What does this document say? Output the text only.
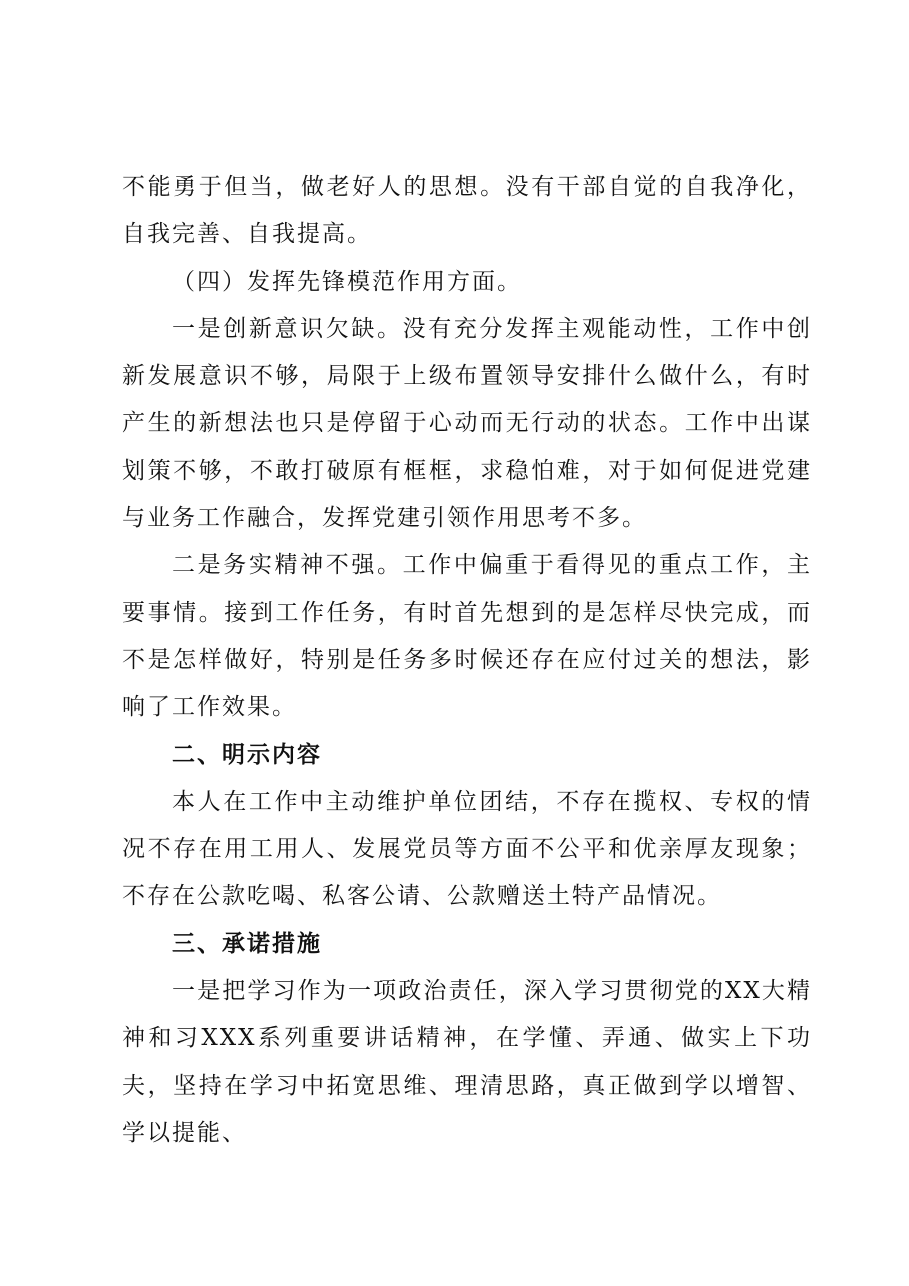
不能勇于但当，做老好人的思想。没有干部自觉的自我净化，自我完善、自我提高。

（四）发挥先锋模范作用方面。

一是创新意识欠缺。没有充分发挥主观能动性，工作中创新发展意识不够，局限于上级布置领导安排什么做什么，有时产生的新想法也只是停留于心动而无行动的状态。工作中出谋划策不够，不敢打破原有框框，求稳怕难，对于如何促进党建与业务工作融合，发挥党建引领作用思考不多。

二是务实精神不强。工作中偏重于看得见的重点工作，主要事情。接到工作任务，有时首先想到的是怎样尽快完成，而不是怎样做好，特别是任务多时候还存在应付过关的想法，影响了工作效果。

二、明示内容

本人在工作中主动维护单位团结，不存在揽权、专权的情况不存在用工用人、发展党员等方面不公平和优亲厚友现象；不存在公款吃喝、私客公请、公款赠送土特产品情况。

三、承诺措施

一是把学习作为一项政治责任，深入学习贯彻党的XX大精神和习XXX系列重要讲话精神，在学懂、弄通、做实上下功夫，坚持在学习中拓宽思维、理清思路，真正做到学以增智、学以提能、
